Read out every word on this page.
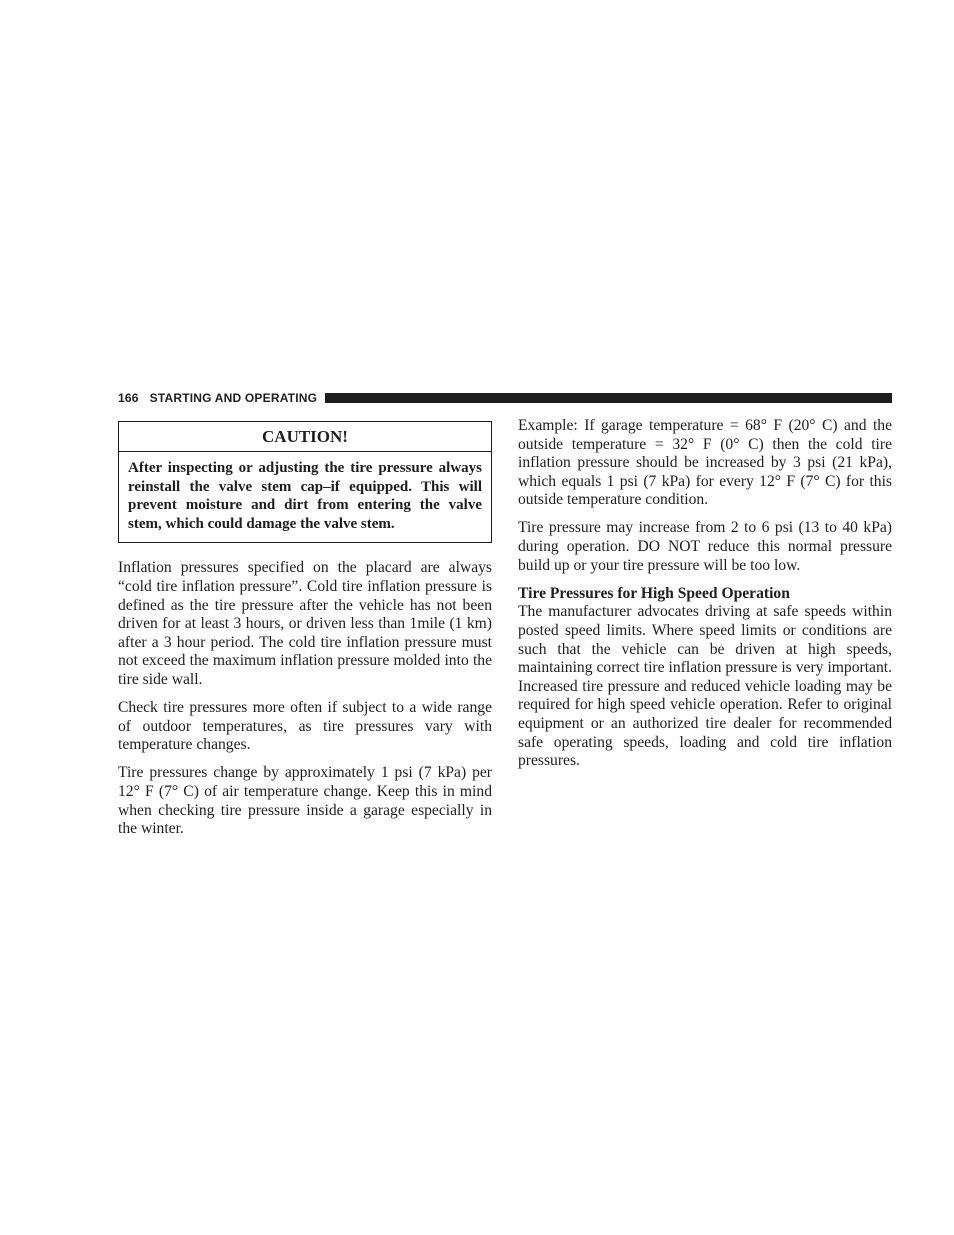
166 STARTING AND OPERATING
CAUTION!
After inspecting or adjusting the tire pressure always reinstall the valve stem cap–if equipped. This will prevent moisture and dirt from entering the valve stem, which could damage the valve stem.

Inflation pressures specified on the placard are always “cold tire inflation pressure”. Cold tire inflation pressure is defined as the tire pressure after the vehicle has not been driven for at least 3 hours, or driven less than 1mile (1 km) after a 3 hour period. The cold tire inflation pressure must not exceed the maximum inflation pressure molded into the tire side wall.

Check tire pressures more often if subject to a wide range of outdoor temperatures, as tire pressures vary with temperature changes.

Tire pressures change by approximately 1 psi (7 kPa) per 12° F (7° C) of air temperature change. Keep this in mind when checking tire pressure inside a garage especially in the winter.

Example: If garage temperature = 68° F (20° C) and the outside temperature = 32° F (0° C) then the cold tire inflation pressure should be increased by 3 psi (21 kPa), which equals 1 psi (7 kPa) for every 12° F (7° C) for this outside temperature condition.

Tire pressure may increase from 2 to 6 psi (13 to 40 kPa) during operation. DO NOT reduce this normal pressure build up or your tire pressure will be too low.

Tire Pressures for High Speed Operation

The manufacturer advocates driving at safe speeds within posted speed limits. Where speed limits or conditions are such that the vehicle can be driven at high speeds, maintaining correct tire inflation pressure is very important. Increased tire pressure and reduced vehicle loading may be required for high speed vehicle operation. Refer to original equipment or an authorized tire dealer for recommended safe operating speeds, loading and cold tire inflation pressures.
